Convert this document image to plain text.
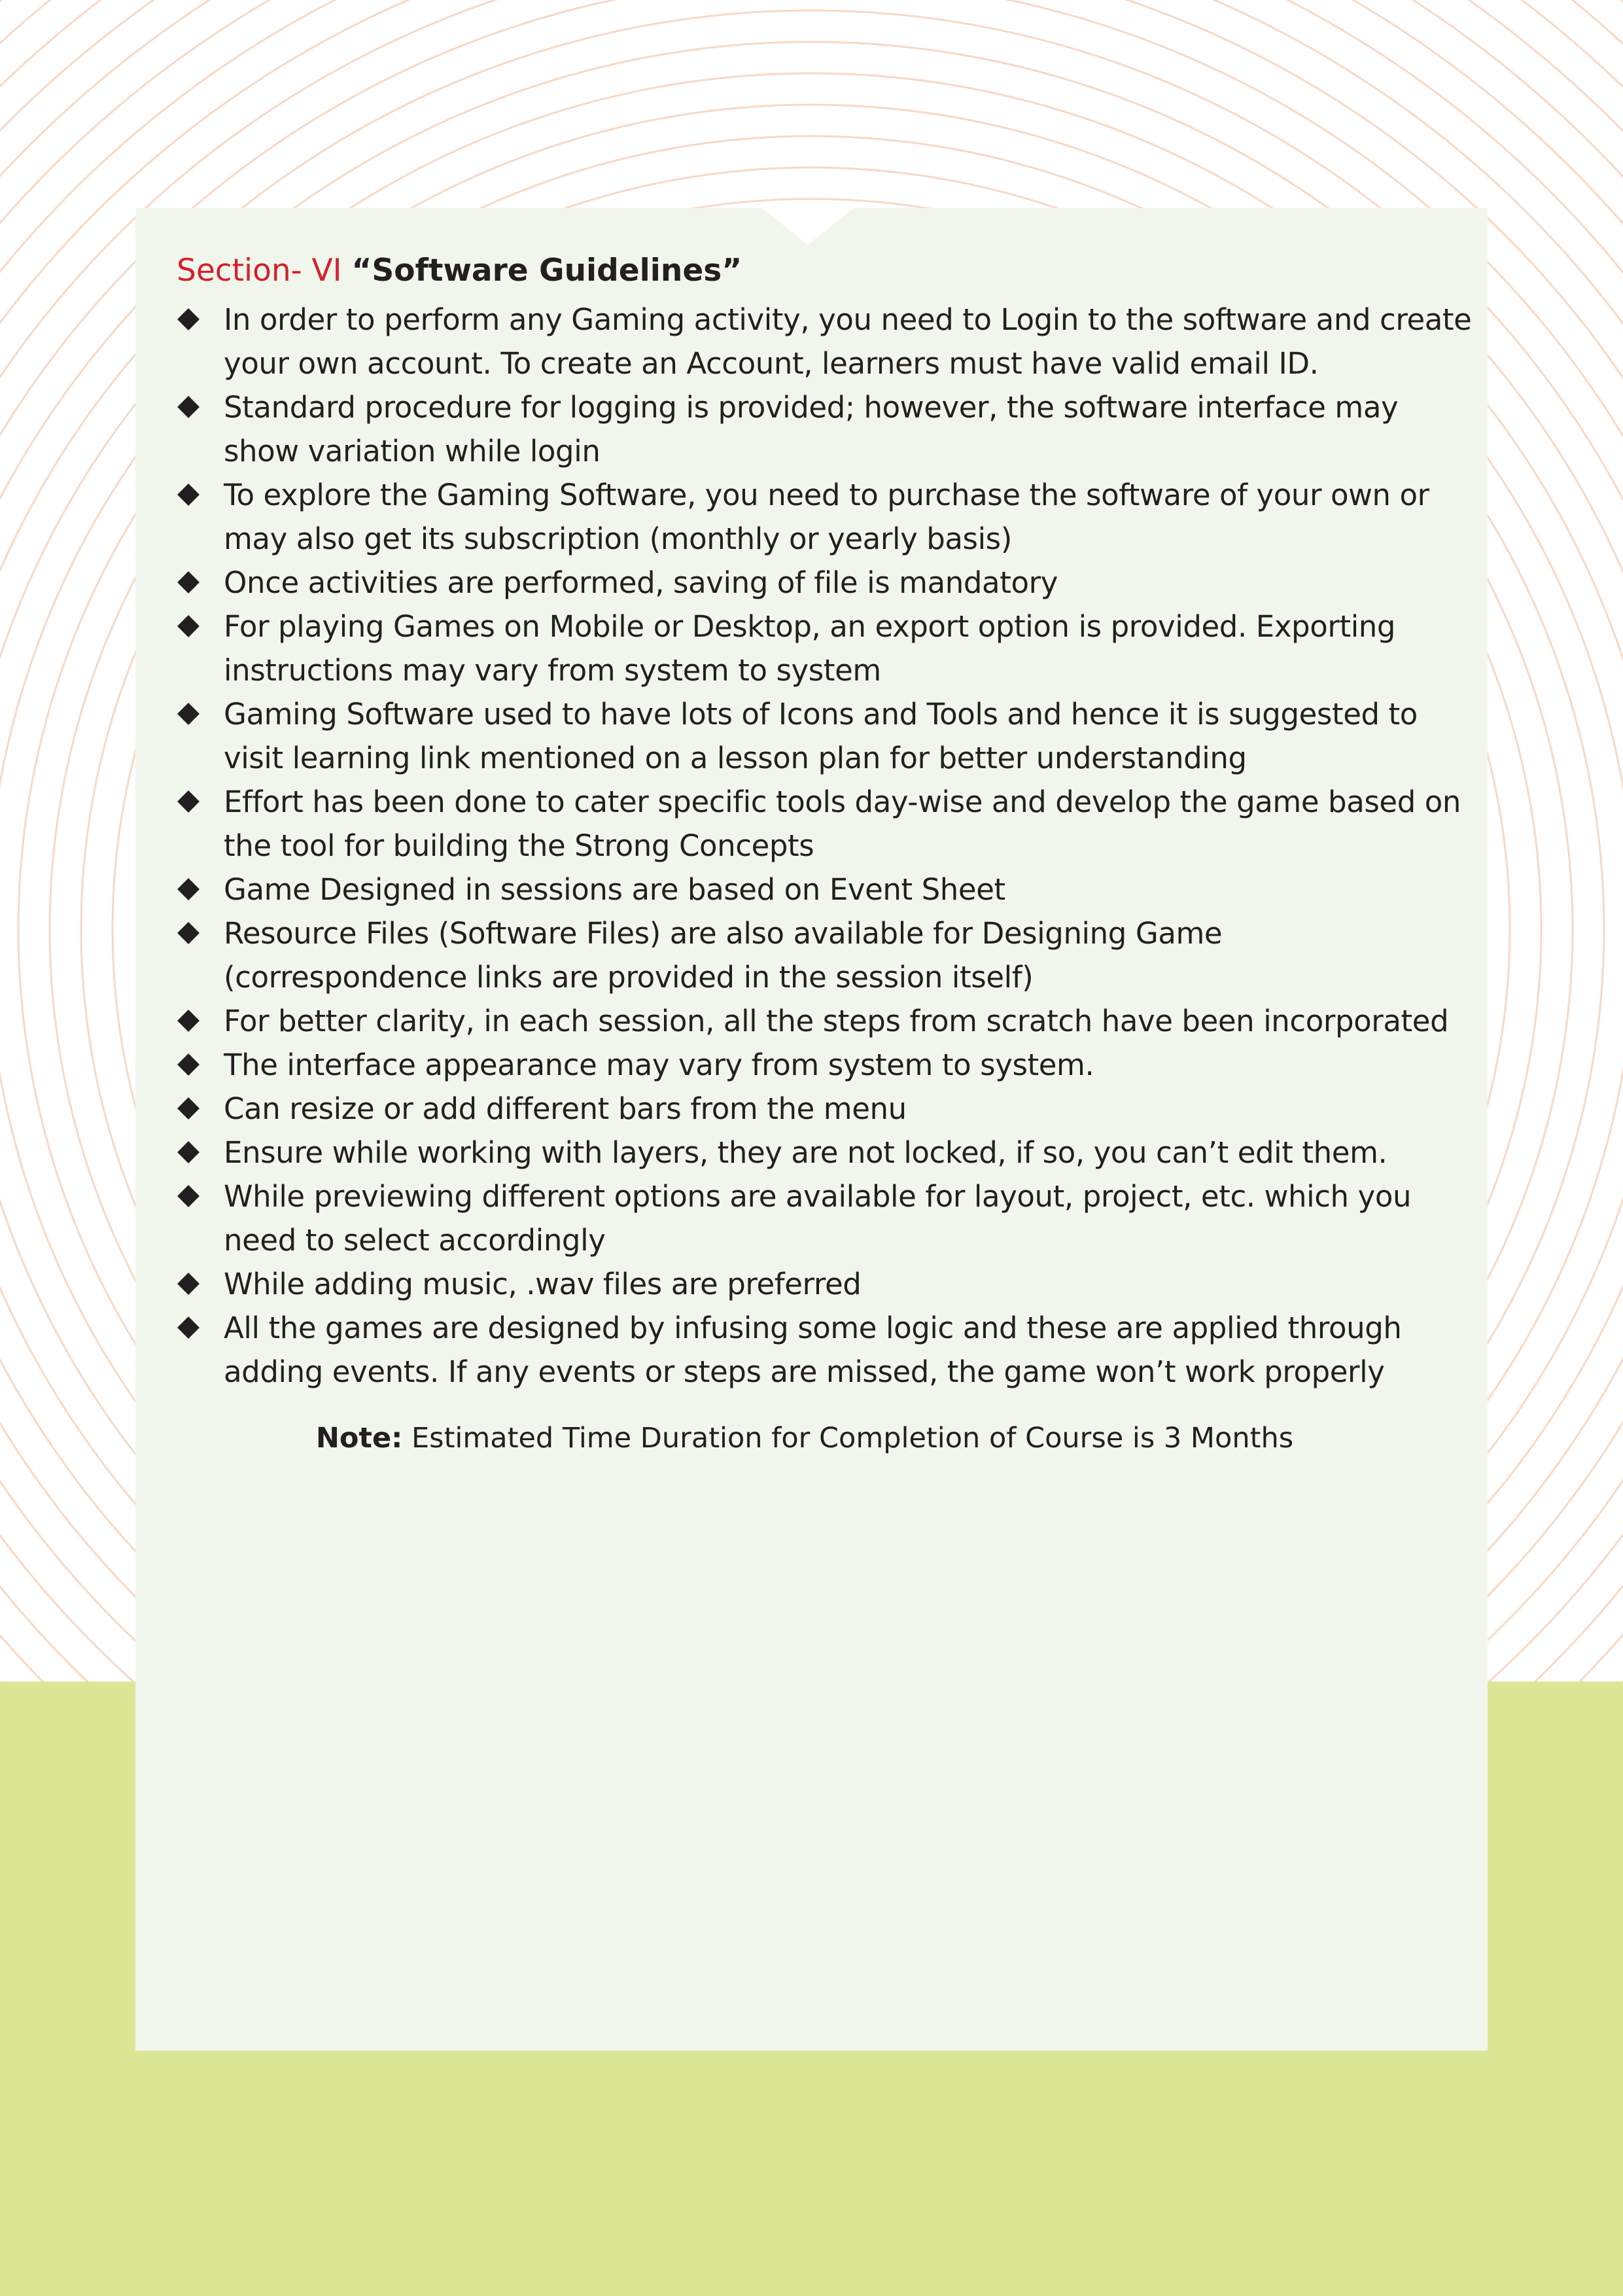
Section- VI “Software Guidelines”
In order to perform any Gaming activity, you need to Login to the software and create your own account. To create an Account, learners must have valid email ID.
Standard procedure for logging is provided; however, the software interface may show variation while login
To explore the Gaming Software, you need to purchase the software of your own or may also get its subscription (monthly or yearly basis)
Once activities are performed, saving of file is mandatory
For playing Games on Mobile or Desktop, an export option is provided. Exporting instructions may vary from system to system
Gaming Software used to have lots of Icons and Tools and hence it is suggested to visit learning link mentioned on a lesson plan for better understanding
Effort has been done to cater specific tools day-wise and develop the game based on the tool for building the Strong Concepts
Game Designed in sessions are based on Event Sheet
Resource Files (Software Files) are also available for Designing Game (correspondence links are provided in the session itself)
For better clarity, in each session, all the steps from scratch have been incorporated
The interface appearance may vary from system to system.
Can resize or add different bars from the menu
Ensure while working with layers, they are not locked, if so, you can’t edit them.
While previewing different options are available for layout, project, etc. which you need to select accordingly
While adding music, .wav files are preferred
All the games are designed by infusing some logic and these are applied through adding events. If any events or steps are missed, the game won’t work properly
Note: Estimated Time Duration for Completion of Course is 3 Months
